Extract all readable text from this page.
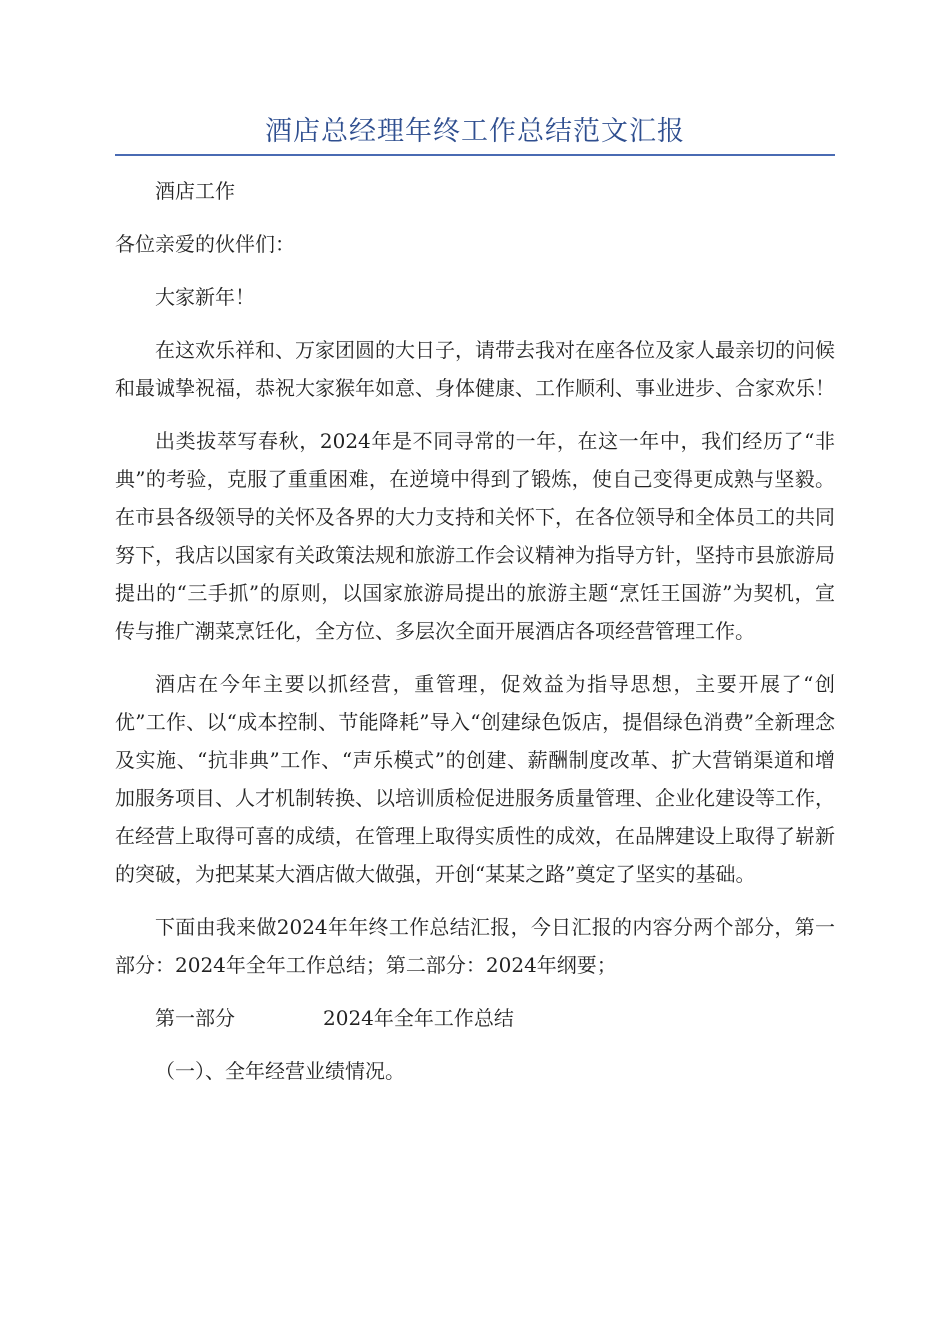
酒店总经理年终工作总结范文汇报

酒店工作

各位亲爱的伙伴们：

大家新年！

在这欢乐祥和、万家团圆的大日子，请带去我对在座各位及家人最亲切的问候和最诚挚祝福，恭祝大家猴年如意、身体健康、工作顺利、事业进步、合家欢乐！

出类拔萃写春秋，2024年是不同寻常的一年，在这一年中，我们经历了“非典”的考验，克服了重重困难，在逆境中得到了锻炼，使自己变得更成熟与坚毅。在市县各级领导的关怀及各界的大力支持和关怀下，在各位领导和全体员工的共同努下，我店以国家有关政策法规和旅游工作会议精神为指导方针，坚持市县旅游局提出的“三手抓”的原则，以国家旅游局提出的旅游主题“烹饪王国游”为契机，宣传与推广潮菜烹饪化，全方位、多层次全面开展酒店各项经营管理工作。

酒店在今年主要以抓经营，重管理，促效益为指导思想，主要开展了“创优”工作、以“成本控制、节能降耗”导入“创建绿色饭店，提倡绿色消费”全新理念及实施、“抗非典”工作、“声乐模式”的创建、薪酬制度改革、扩大营销渠道和增加服务项目、人才机制转换、以培训质检促进服务质量管理、企业化建设等工作，在经营上取得可喜的成绩，在管理上取得实质性的成效，在品牌建设上取得了崭新的突破，为把某某大酒店做大做强，开创“某某之路”奠定了坚实的基础。

下面由我来做2024年年终工作总结汇报，今日汇报的内容分两个部分，第一部分：2024年全年工作总结；第二部分：2024年纲要；

第一部分	2024年全年工作总结

（一）、全年经营业绩情况。
